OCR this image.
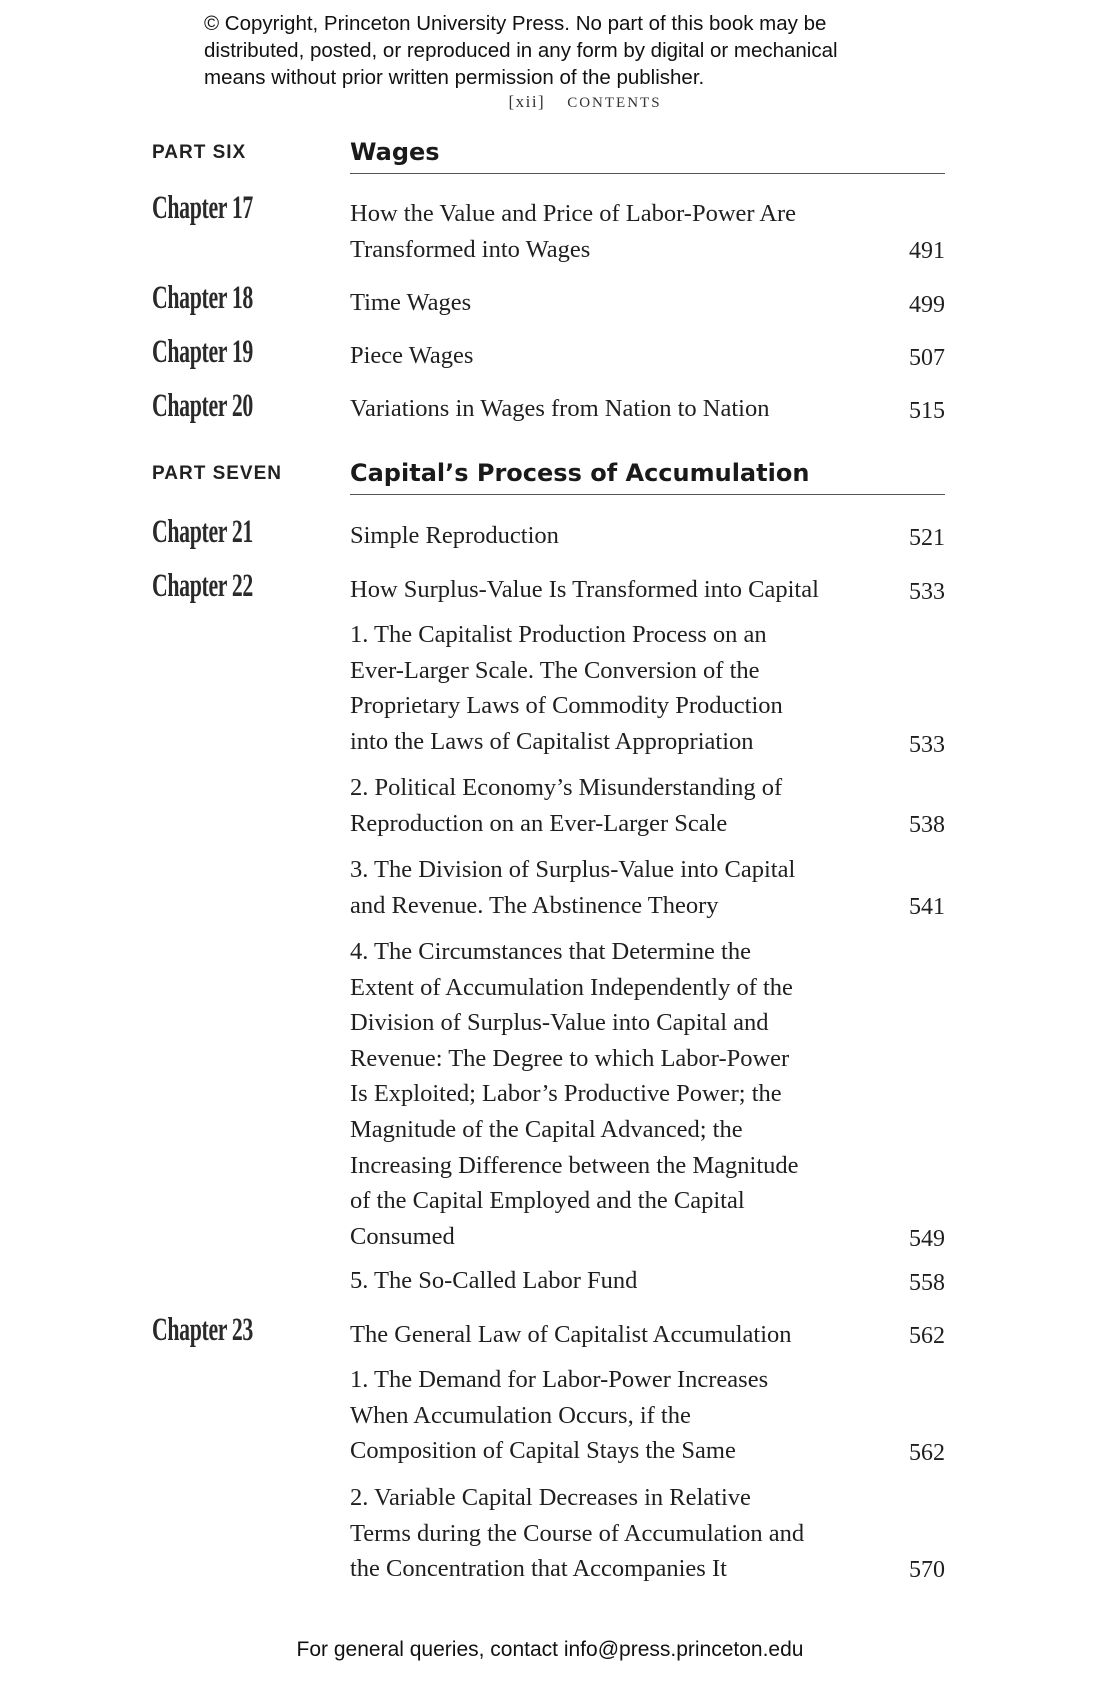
© Copyright, Princeton University Press. No part of this book may be
distributed, posted, or reproduced in any form by digital or mechanical
means without prior written permission of the publisher.
[xii] CONTENTS
PART SIX	Wages
Chapter 17	How the Value and Price of Labor-Power Are
Transformed into Wages	491
Chapter 18	Time Wages	499
Chapter 19	Piece Wages	507
Chapter 20	Variations in Wages from Nation to Nation	515
PART SEVEN	Capital’s Process of Accumulation
Chapter 21	Simple Reproduction	521
Chapter 22	How Surplus-Value Is Transformed into Capital	533
1. The Capitalist Production Process on an
Ever-Larger Scale. The Conversion of the
Proprietary Laws of Commodity Production
into the Laws of Capitalist Appropriation	533
2. Political Economy’s Misunderstanding of
Reproduction on an Ever-Larger Scale	538
3. The Division of Surplus-Value into Capital
and Revenue. The Abstinence Theory	541
4. The Circumstances that Determine the
Extent of Accumulation Independently of the
Division of Surplus-Value into Capital and
Revenue: The Degree to which Labor-Power
Is Exploited; Labor’s Productive Power; the
Magnitude of the Capital Advanced; the
Increasing Difference between the Magnitude
of the Capital Employed and the Capital
Consumed	549
5. The So-Called Labor Fund	558
Chapter 23	The General Law of Capitalist Accumulation	562
1. The Demand for Labor-Power Increases
When Accumulation Occurs, if the
Composition of Capital Stays the Same	562
2. Variable Capital Decreases in Relative
Terms during the Course of Accumulation and
the Concentration that Accompanies It	570
For general queries, contact info@press.princeton.edu
